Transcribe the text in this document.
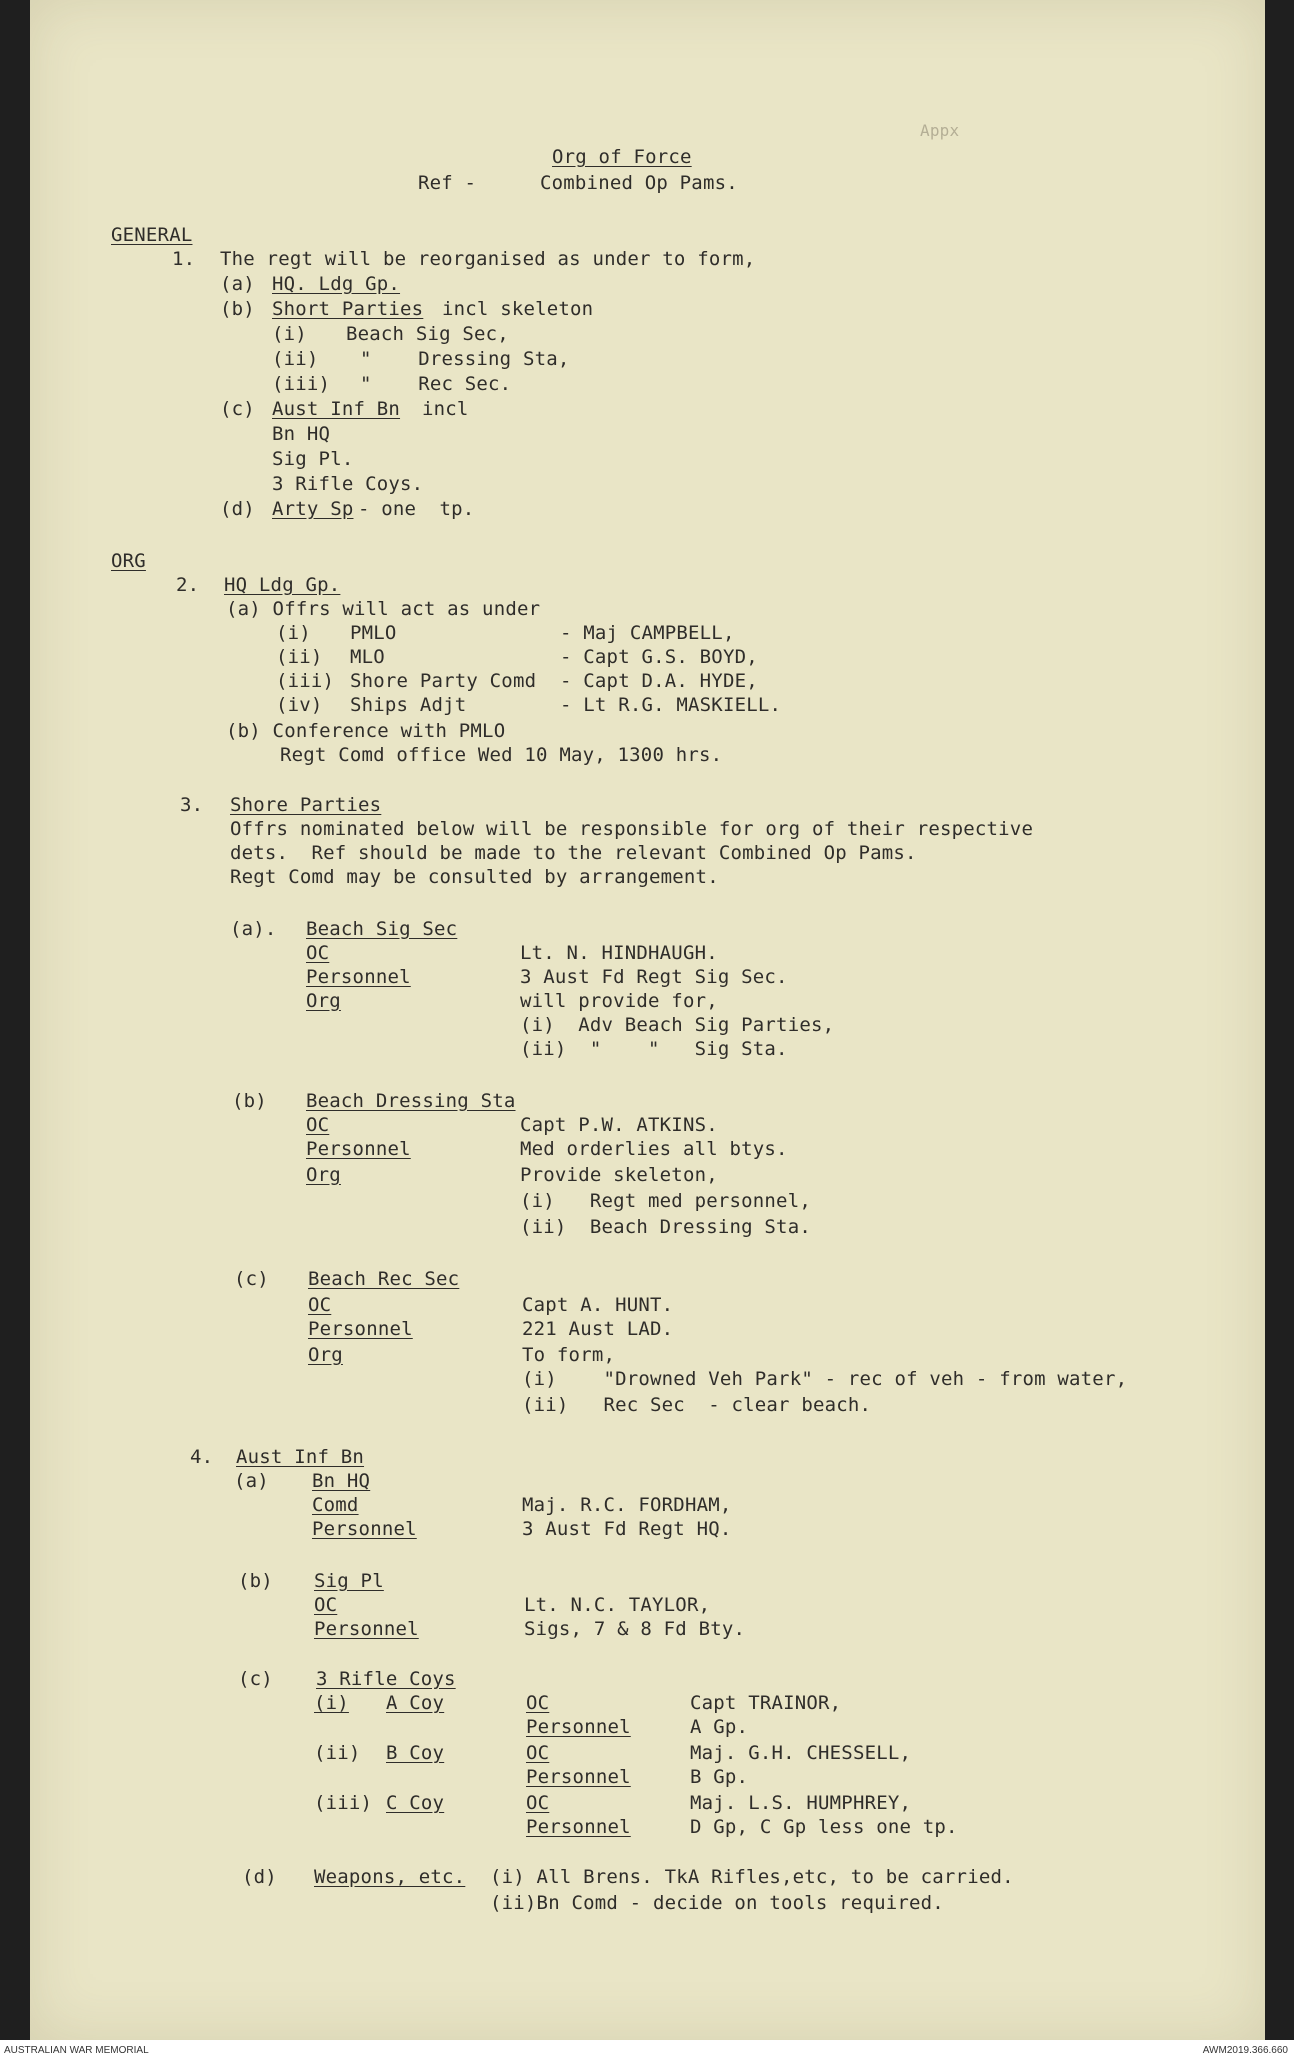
Appx
Org of Force
Ref -	Combined Op Pams.
GENERAL
1. The regt will be reorganised as under to form,
(a) HQ. Ldg Gp.
(b) Short Parties incl skeleton
(i) Beach Sig Sec,
(ii) "    Dressing Sta,
(iii) "    Rec Sec.
(c) Aust Inf Bn incl
Bn HQ
Sig Pl.
3 Rifle Coys.
(d) Arty Sp - one  tp.
ORG
2. HQ Ldg Gp.
(a) Offrs will act as under
(i) PMLO	- Maj CAMPBELL,
(ii) MLO	- Capt G.S. BOYD,
(iii) Shore Party Comd - Capt D.A. HYDE,
(iv) Ships Adjt	- Lt R.G. MASKIELL.
(b) Conference with PMLO
Regt Comd office Wed 10 May, 1300 hrs.
3. Shore Parties
Offrs nominated below will be responsible for org of their respective
dets.  Ref should be made to the relevant Combined Op Pams.
Regt Comd may be consulted by arrangement.
(a). Beach Sig Sec
OC	Lt. N. HINDHAUGH.
Personnel	3 Aust Fd Regt Sig Sec.
Org	will provide for,
(i)  Adv Beach Sig Parties,
(ii)  "    "   Sig Sta.
(b) Beach Dressing Sta
OC	Capt P.W. ATKINS.
Personnel	Med orderlies all btys.
Org	Provide skeleton,
(i)   Regt med personnel,
(ii)  Beach Dressing Sta.
(c) Beach Rec Sec
OC	Capt A. HUNT.
Personnel	221 Aust LAD.
Org	To form,
(i)    "Drowned Veh Park" - rec of veh - from water,
(ii)   Rec Sec  - clear beach.
4. Aust Inf Bn
(a) Bn HQ
Comd	Maj. R.C. FORDHAM,
Personnel	3 Aust Fd Regt HQ.
(b) Sig Pl
OC	Lt. N.C. TAYLOR,
Personnel	Sigs, 7 & 8 Fd Bty.
(c) 3 Rifle Coys
(i) A Coy	OC	Capt TRAINOR,
Personnel	A Gp.
(ii) B Coy	OC	Maj. G.H. CHESSELL,
Personnel	B Gp.
(iii) C Coy	OC	Maj. L.S. HUMPHREY,
Personnel	D Gp, C Gp less one tp.
(d) Weapons, etc. (i) All Brens. TkA Rifles,etc, to be carried.
(ii)Bn Comd - decide on tools required.
AUSTRALIAN WAR MEMORIAL	AWM2019.366.660
